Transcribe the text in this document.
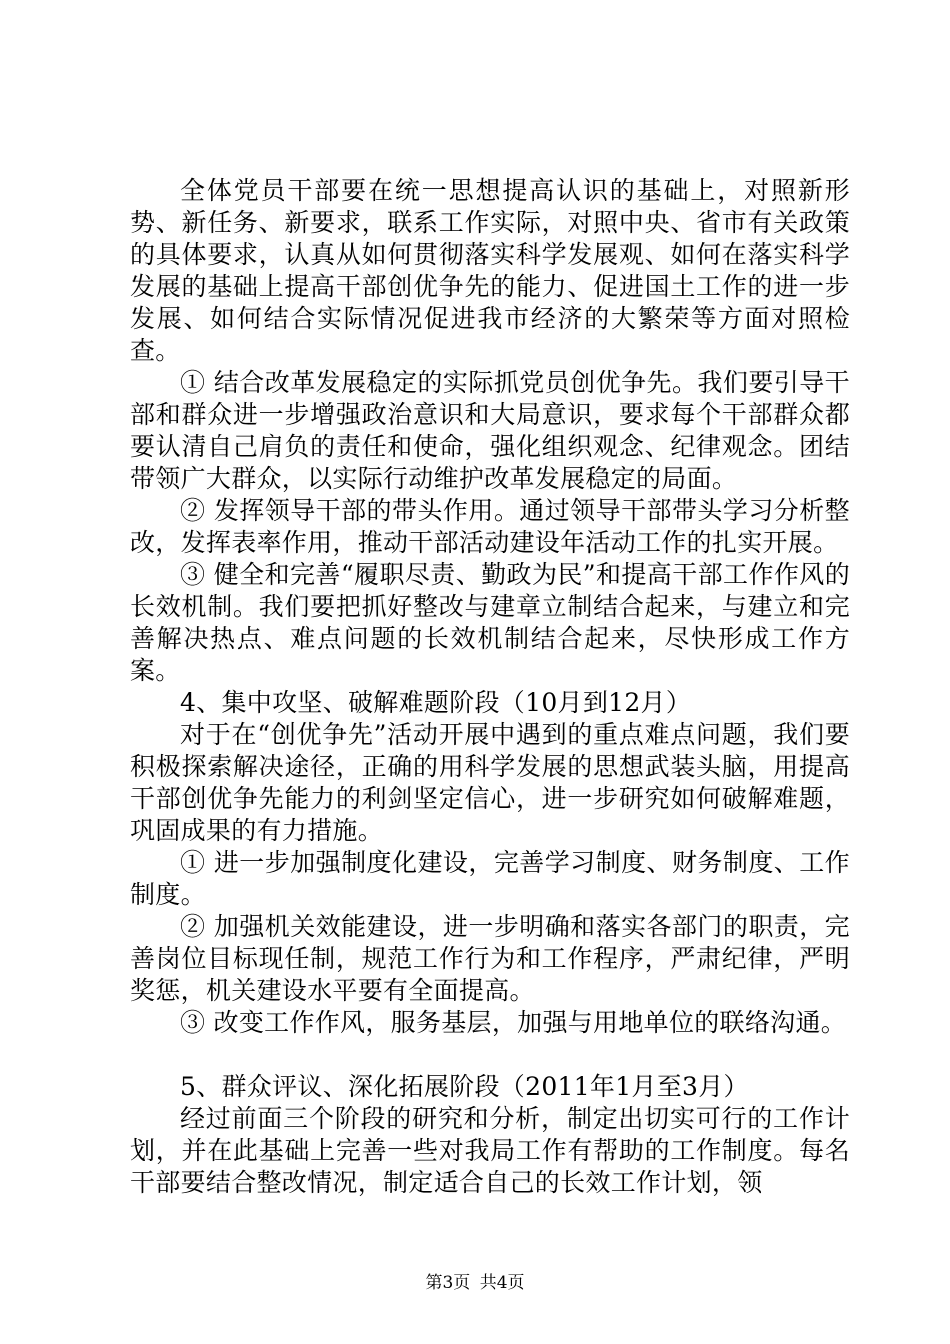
全体党员干部要在统一思想提高认识的基础上，对照新形势、新任务、新要求，联系工作实际，对照中央、省市有关政策的具体要求，认真从如何贯彻落实科学发展观、如何在落实科学发展的基础上提高干部创优争先的能力、促进国土工作的进一步发展、如何结合实际情况促进我市经济的大繁荣等方面对照检查。

① 结合改革发展稳定的实际抓党员创优争先。我们要引导干部和群众进一步增强政治意识和大局意识，要求每个干部群众都要认清自己肩负的责任和使命，强化组织观念、纪律观念。团结带领广大群众，以实际行动维护改革发展稳定的局面。

② 发挥领导干部的带头作用。通过领导干部带头学习分析整改，发挥表率作用，推动干部活动建设年活动工作的扎实开展。

③ 健全和完善“履职尽责、勤政为民”和提高干部工作作风的长效机制。我们要把抓好整改与建章立制结合起来，与建立和完善解决热点、难点问题的长效机制结合起来，尽快形成工作方案。

4、集中攻坚、破解难题阶段（10月到12月）

对于在“创优争先”活动开展中遇到的重点难点问题，我们要积极探索解决途径，正确的用科学发展的思想武装头脑，用提高干部创优争先能力的利剑坚定信心，进一步研究如何破解难题，巩固成果的有力措施。

① 进一步加强制度化建设，完善学习制度、财务制度、工作制度。

② 加强机关效能建设，进一步明确和落实各部门的职责，完善岗位目标现任制，规范工作行为和工作程序，严肃纪律，严明奖惩，机关建设水平要有全面提高。

③ 改变工作作风，服务基层，加强与用地单位的联络沟通。

5、群众评议、深化拓展阶段（2011年1月至3月）

经过前面三个阶段的研究和分析，制定出切实可行的工作计划，并在此基础上完善一些对我局工作有帮助的工作制度。每名干部要结合整改情况，制定适合自己的长效工作计划，领

第3页 共4页
